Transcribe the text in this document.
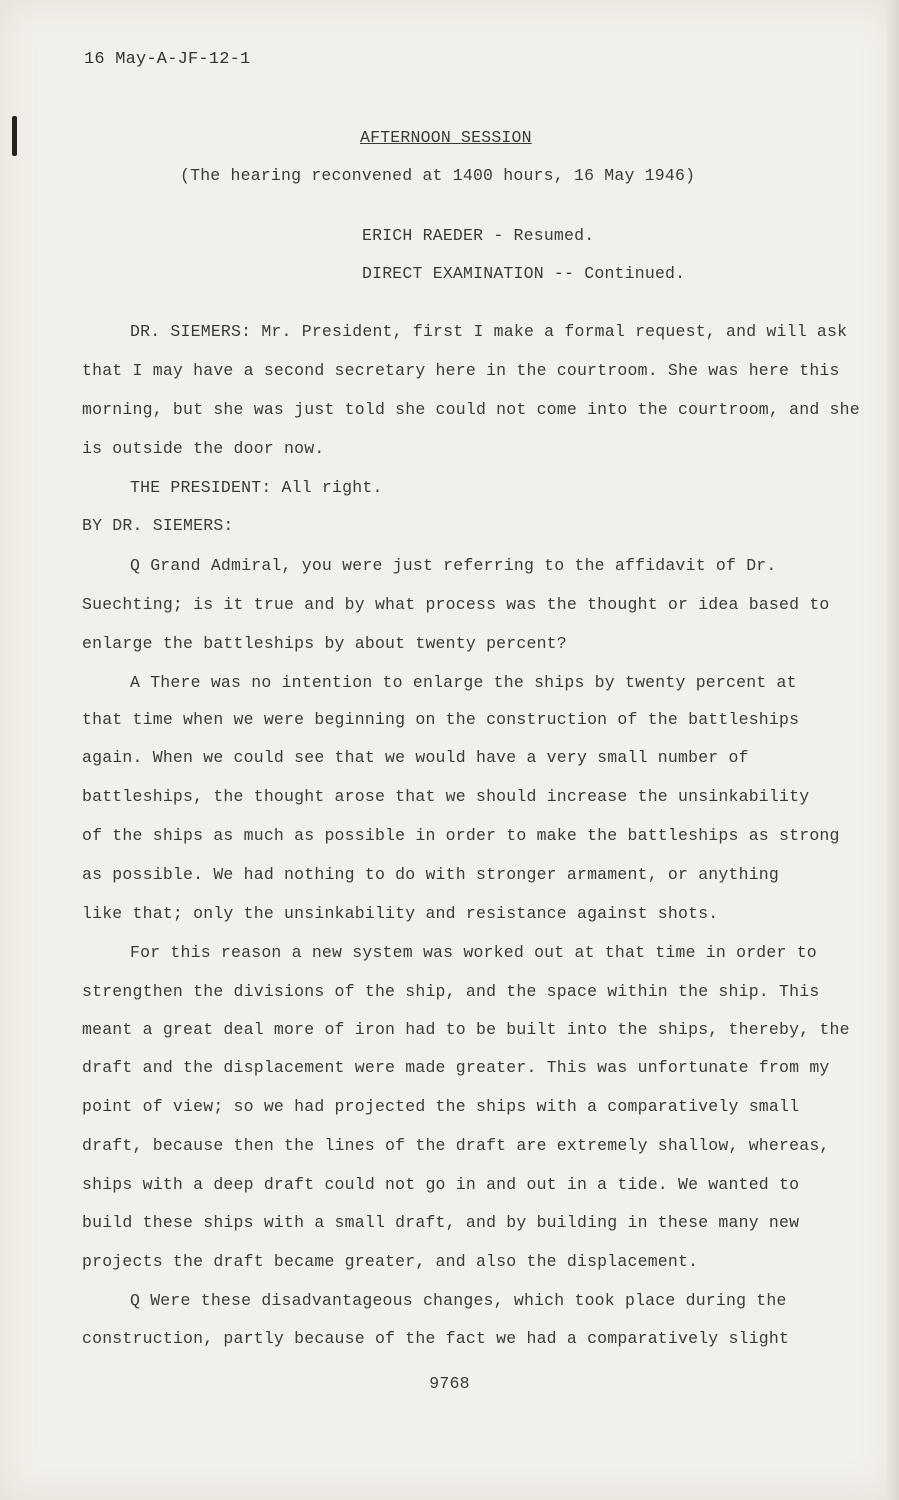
16 May-A-JF-12-1
AFTERNOON SESSION
(The hearing reconvened at 1400 hours, 16 May 1946)
ERICH RAEDER - Resumed.
DIRECT EXAMINATION -- Continued.
DR. SIEMERS: Mr. President, first I make a formal request, and will ask
that I may have a second secretary here in the courtroom. She was here this
morning, but she was just told she could not come into the courtroom, and she
is outside the door now.
THE PRESIDENT: All right.
BY DR. SIEMERS:
Q Grand Admiral, you were just referring to the affidavit of Dr.
Suechting; is it true and by what process was the thought or idea based to
enlarge the battleships by about twenty percent?
A There was no intention to enlarge the ships by twenty percent at
that time when we were beginning on the construction of the battleships
again. When we could see that we would have a very small number of
battleships, the thought arose that we should increase the unsinkability
of the ships as much as possible in order to make the battleships as strong
as possible. We had nothing to do with stronger armament, or anything
like that; only the unsinkability and resistance against shots.
For this reason a new system was worked out at that time in order to
strengthen the divisions of the ship, and the space within the ship. This
meant a great deal more of iron had to be built into the ships, thereby, the
draft and the displacement were made greater. This was unfortunate from my
point of view; so we had projected the ships with a comparatively small
draft, because then the lines of the draft are extremely shallow, whereas,
ships with a deep draft could not go in and out in a tide. We wanted to
build these ships with a small draft, and by building in these many new
projects the draft became greater, and also the displacement.
Q Were these disadvantageous changes, which took place during the
construction, partly because of the fact we had a comparatively slight
9768
